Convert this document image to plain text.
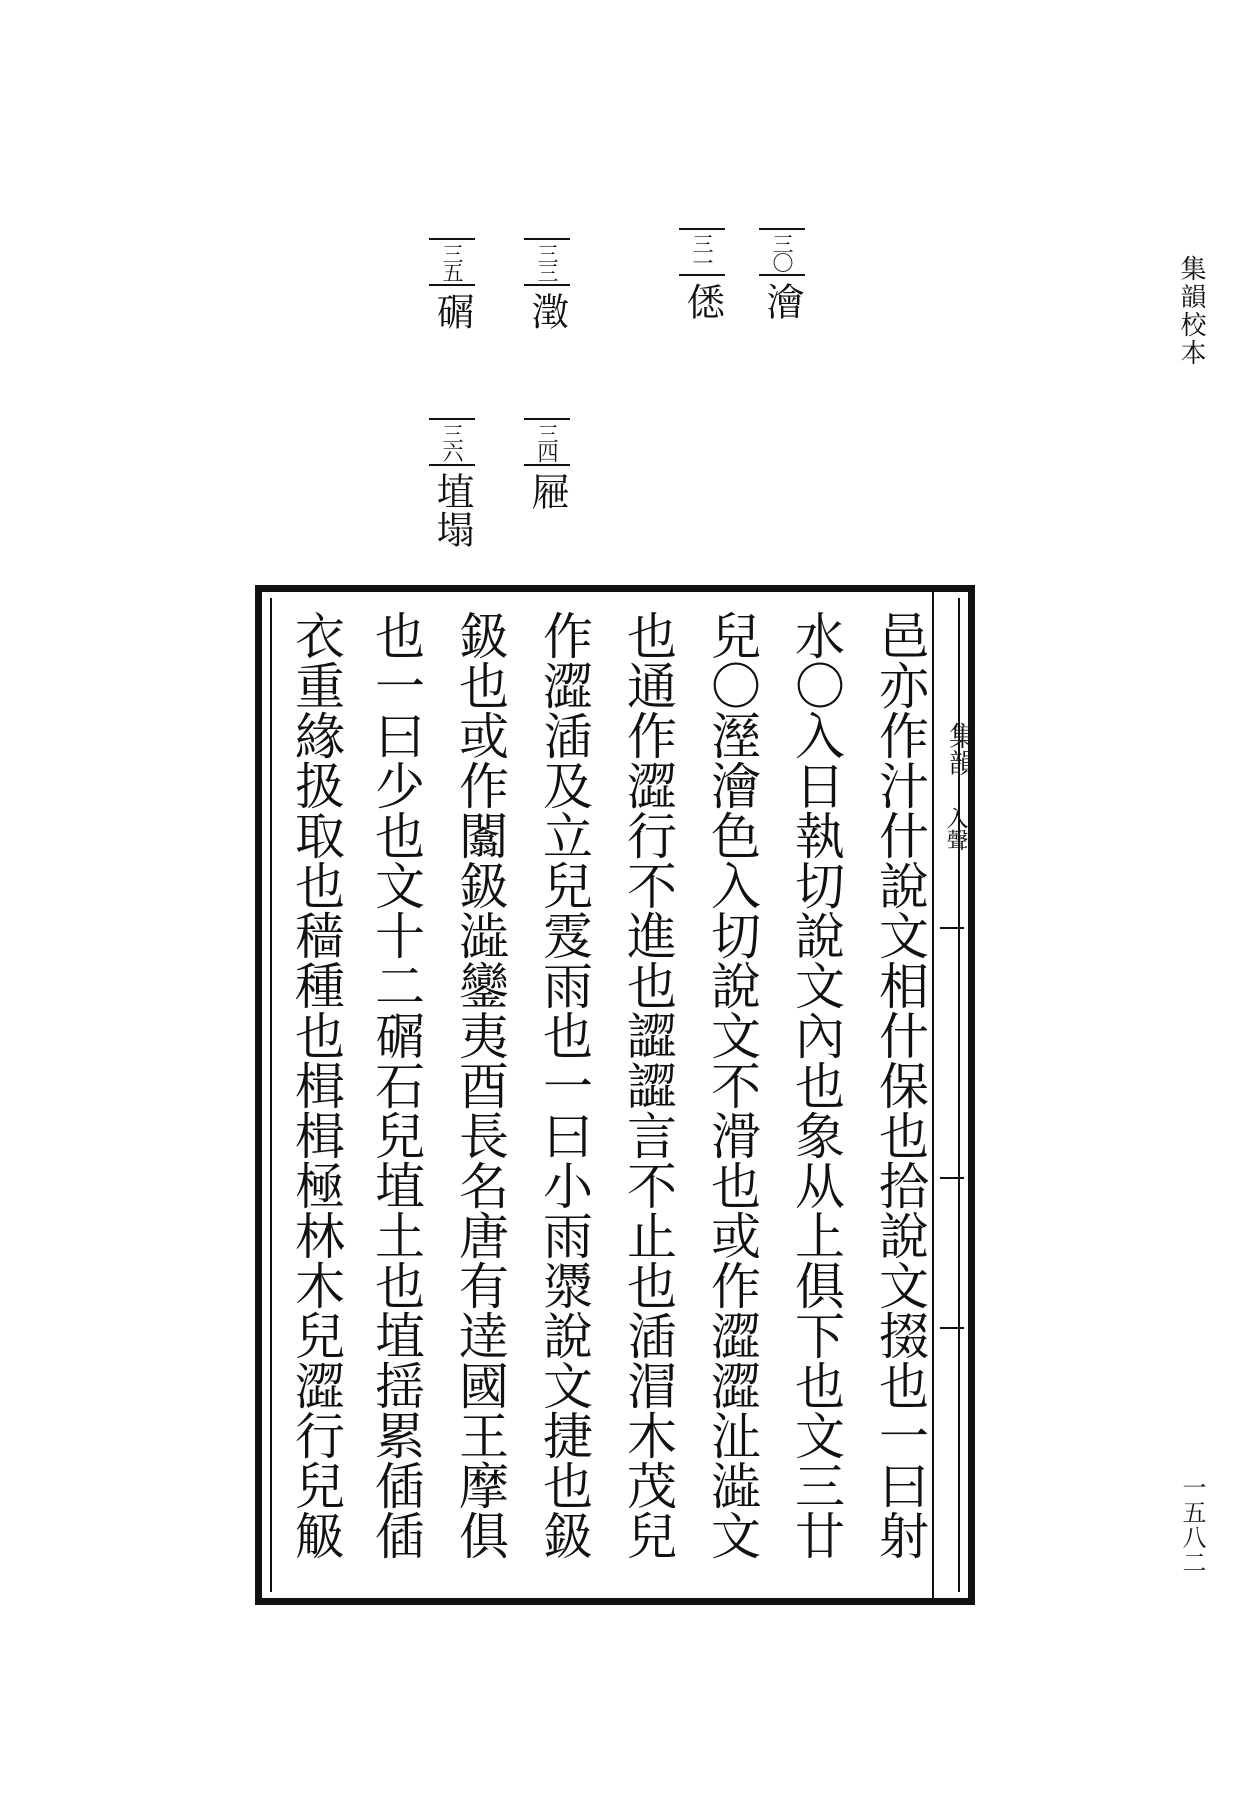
集韻校本
一五八二
三〇澮
三一僁
三三澂
三四屜
三五碿
三六埴塌
集韻
入聲
邑亦作汁什說文相什保也拾說文掇也一曰射
水〇入日執切說文內也象从上俱下也文三廿
兒〇溼澮色入切說文不滑也或作澀澀沚澁文
也通作澀行不進也譅譅言不止也㴙㴘木茂兒
作澀㴙及立兒雭雨也一曰小雨㵗說文捷也鈒
鈒也或作闟鈒澁鑾夷酉長名唐有逹國王摩俱
也一曰少也文十二碿石兒埴土也埴揺累偛偛
衣重緣扱取也穑種也楫楫極林木兒澀行兒觙
